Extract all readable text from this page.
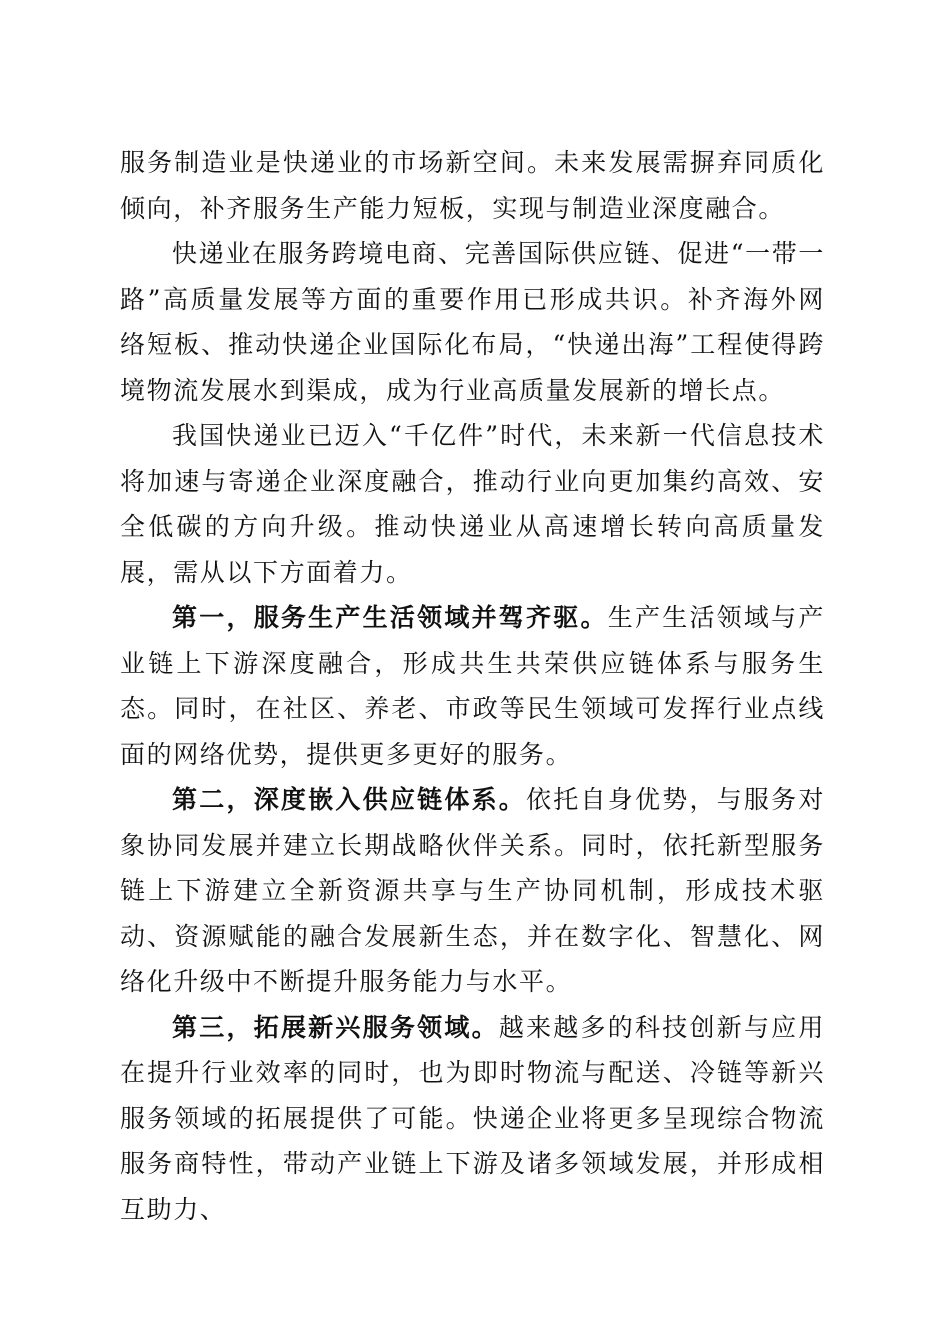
服务制造业是快递业的市场新空间。未来发展需摒弃同质化倾向，补齐服务生产能力短板，实现与制造业深度融合。

快递业在服务跨境电商、完善国际供应链、促进“一带一路”高质量发展等方面的重要作用已形成共识。补齐海外网络短板、推动快递企业国际化布局，“快递出海”工程使得跨境物流发展水到渠成，成为行业高质量发展新的增长点。

我国快递业已迈入“千亿件”时代，未来新一代信息技术将加速与寄递企业深度融合，推动行业向更加集约高效、安全低碳的方向升级。推动快递业从高速增长转向高质量发展，需从以下方面着力。

第一，服务生产生活领域并驾齐驱。生产生活领域与产业链上下游深度融合，形成共生共荣供应链体系与服务生态。同时，在社区、养老、市政等民生领域可发挥行业点线面的网络优势，提供更多更好的服务。

第二，深度嵌入供应链体系。依托自身优势，与服务对象协同发展并建立长期战略伙伴关系。同时，依托新型服务链上下游建立全新资源共享与生产协同机制，形成技术驱动、资源赋能的融合发展新生态，并在数字化、智慧化、网络化升级中不断提升服务能力与水平。

第三，拓展新兴服务领域。越来越多的科技创新与应用在提升行业效率的同时，也为即时物流与配送、冷链等新兴服务领域的拓展提供了可能。快递企业将更多呈现综合物流服务商特性，带动产业链上下游及诸多领域发展，并形成相互助力、
